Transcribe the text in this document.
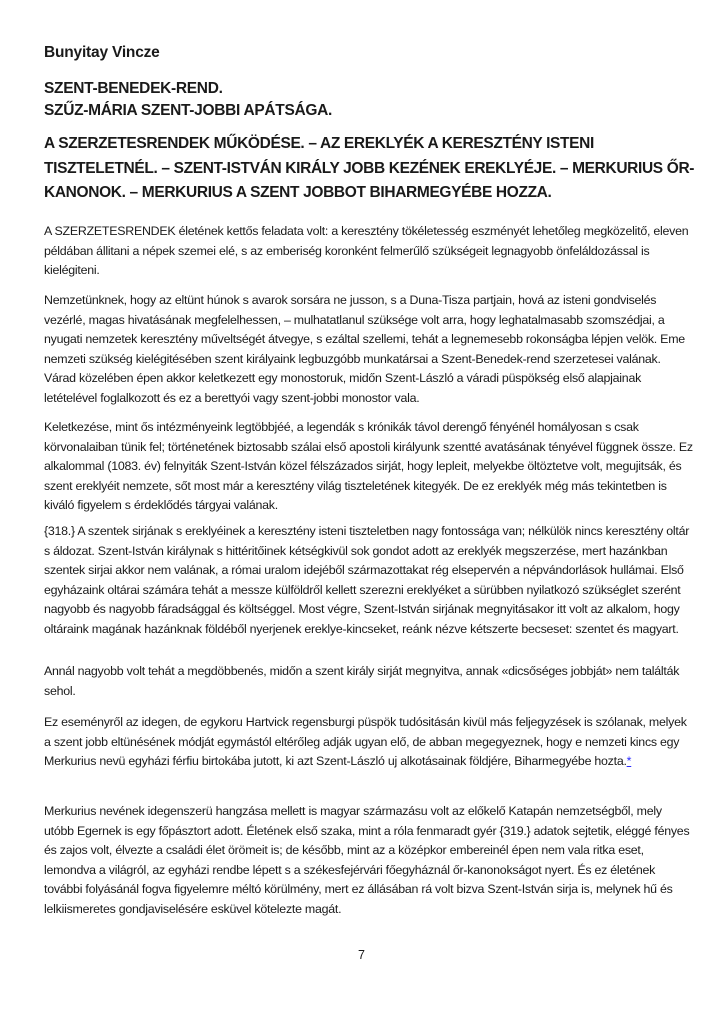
Bunyitay Vincze
SZENT-BENEDEK-REND.
SZŰZ-MÁRIA SZENT-JOBBI APÁTSÁGA.
A SZERZETESRENDEK MŰKÖDÉSE. – AZ EREKLYÉK A KERESZTÉNY ISTENI TISZTELETNÉL. – SZENT-ISTVÁN KIRÁLY JOBB KEZÉNEK EREKLYÉJE. – MERKURIUS ŐR-KANONOK. – MERKURIUS A SZENT JOBBOT BIHARMEGYÉBE HOZZA.
A SZERZETESRENDEK életének kettős feladata volt: a keresztény tökéletesség eszményét lehetőleg megközelitő, eleven példában állitani a népek szemei elé, s az emberiség koronként felmerűlő szükségeit legnagyobb önfeláldozással is kielégiteni.
Nemzetünknek, hogy az eltünt húnok s avarok sorsára ne jusson, s a Duna-Tisza partjain, hová az isteni gondviselés vezérlé, magas hivatásának megfelelhessen, – mulhatatlanul szüksége volt arra, hogy leghatalmasabb szomszédjai, a nyugati nemzetek keresztény műveltségét átvegye, s ezáltal szellemi, tehát a legnemesebb rokonságba lépjen velök. Eme nemzeti szükség kielégitésében szent királyaink legbuzgóbb munkatársai a Szent-Benedek-rend szerzetesei valának. Várad közelében épen akkor keletkezett egy monostoruk, midőn Szent-László a váradi püspökség első alapjainak letételével foglalkozott és ez a berettyói vagy szent-jobbi monostor vala.
Keletkezése, mint ős intézményeink legtöbbjéé, a legendák s krónikák távol derengő fényénél homályosan s csak körvonalaiban tünik fel; történetének biztosabb szálai első apostoli királyunk szentté avatásának tényével függnek össze. Ez alkalommal (1083. év) felnyiták Szent-István közel félszázados sirját, hogy lepleit, melyekbe öltöztetve volt, megujitsák, és szent ereklyéit nemzete, sőt most már a keresztény világ tiszteletének kitegyék. De ez ereklyék még más tekintetben is kiváló figyelem s érdeklődés tárgyai valának.
{318.} A szentek sirjának s ereklyéinek a keresztény isteni tiszteletben nagy fontossága van; nélkülök nincs keresztény oltár s áldozat. Szent-István királynak s hittéritőinek kétségkivül sok gondot adott az ereklyék megszerzése, mert hazánkban szentek sirjai akkor nem valának, a római uralom idejéből származottakat rég elsepervén a népvándorlások hullámai. Első egyházaink oltárai számára tehát a messze külföldről kellett szerezni ereklyéket a sürübben nyilatkozó szükséglet szerént nagyobb és nagyobb fáradsággal és költséggel. Most végre, Szent-István sirjának megnyitásakor itt volt az alkalom, hogy oltáraink magának hazánknak földéből nyerjenek ereklye-kincseket, reánk nézve kétszerte becseset: szentet és magyart.
Annál nagyobb volt tehát a megdöbbenés, midőn a szent király sirját megnyitva, annak «dicsőséges jobbját» nem találták sehol.
Ez eseményről az idegen, de egykoru Hartvick regensburgi püspök tudósitásán kivül más feljegyzések is szólanak, melyek a szent jobb eltünésének módját egymástól eltérőleg adják ugyan elő, de abban megegyeznek, hogy e nemzeti kincs egy Merkurius nevü egyházi férfiu birtokába jutott, ki azt Szent-László uj alkotásainak földjére, Biharmegyébe hozta.*
Merkurius nevének idegenszerü hangzása mellett is magyar származásu volt az előkelő Katapán nemzetségből, mely utóbb Egernek is egy főpásztort adott. Életének első szaka, mint a róla fenmaradt gyér {319.} adatok sejtetik, eléggé fényes és zajos volt, élvezte a családi élet örömeit is; de később, mint az a középkor embereinél épen nem vala ritka eset, lemondva a világról, az egyházi rendbe lépett s a székesfejérvári főegyháznál őr-kanonokságot nyert. És ez életének további folyásánál fogva figyelemre méltó körülmény, mert ez állásában rá volt bizva Szent-István sirja is, melynek hű és lelkiismeretes gondjaviselésére esküvel kötelezte magát.
7
